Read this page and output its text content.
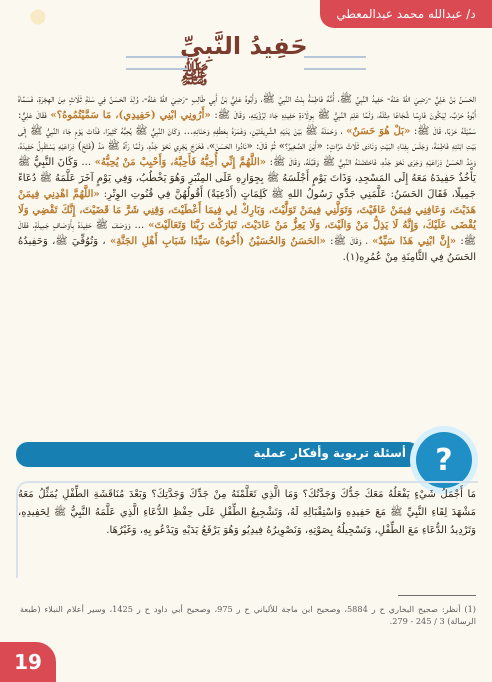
د/ عبدالله محمد عبدالمعطي
حَفِيدُ النَّبِيِّ ﷺ
الحَسَنُ بْنُ عَلِيٍّ -رَضِيَ اللهُ عَنْهُ- حَفِيدُ النَّبِيِّ ﷺ، أُمُّهُ فَاطِمَةُ بِنْتُ النَّبِيِّ ﷺ، وَأَبُوهُ عَلِيُّ بْنُ أَبِي طَالِبٍ -رَضِيَ اللهُ عَنْهُ-، وُلِدَ الحَسَنُ فِي سَنَةِ ثَلَاثٍ مِنَ الهِجْرَةِ، فَسَمَّاهُ أَبُوهُ حَرْبٌ، لِيَكُونَ فَارِسًا شُجَاعًا مِثْلَهُ، وَلَمَّا عَلِمَ النَّبِيُّ ﷺ بِوِلَادَةِ حَفِيدِهِ جَاءَ لِرُؤْيَتِهِ، وَقَالَ ﷺ: «أَرُونِي ابْنِي (حَفِيدِي)، مَا سَمَّيْتُمُوهُ؟» فَقَالَ عَلِيٌّ: سَمَّيْتُهُ حَرْبًا، قَالَ ﷺ: «بَلْ هُوَ حَسَنٌ» ، وَحَمَلَهُ ﷺ بَيْنَ يَدَيْهِ الشَّرِيفَتَيْنِ، وَغَمَرَهُ بِعَطْفِهِ وَحَنَانِهِ... وَكَانَ النَّبِيُّ ﷺ يُحِبُّهُ كَثِيرًا، فَذَاتَ يَوْمٍ جَاءَ النَّبِيُّ ﷺ إِلَى بَيْتِ ابْنَتِهِ فَاطِمَةَ، وَجَلَسَ بِفِنَاءِ البَيْتِ وَنَادَى ثَلَاثَ مَرَّاتٍ: «أَيْنَ الصَّغِيرُ؟» ثُمَّ قَالَ: «نَادُوا الحَسَنَ»، فَخَرَجَ يَجْرِي نَحْوَ جَدِّهِ، وَلَمَّا رَآهُ ﷺ مَدَّ (فَتَحَ) ذِرَاعَيْهِ يَسْتَقْبِلُ حَفِيدَهُ، وَمَدَّ الحَسَنُ ذِرَاعَيْهِ وَجَرَى نَحْوَ جَدِّهِ، فَاحْتَضَنَهُ النَّبِيُّ ﷺ وَقَبَّلَهُ، وَقَالَ ﷺ: «اللَّهُمَّ إِنِّي أُحِبُّهُ فَأَحِبَّهُ، وَأَحْبِبْ مَنْ يُحِبُّهُ» ... وَكَانَ النَّبِيُّ ﷺ يَأْخُذُ حَفِيدَهُ مَعَهُ إِلَى المَسْجِدِ، وَذَاتَ يَوْمٍ أَجْلَسَهُ ﷺ بِجِوَارِهِ عَلَى المِنْبَرِ وَهُوَ يَخْطُبُ، وَفِي يَوْمٍ آخَرَ عَلَّمَهُ ﷺ دُعَاءً جَمِيلًا، فَقَالَ الحَسَنُ: عَلَّمَنِي جَدِّي رَسُولُ اللهِ ﷺ كَلِمَاتٍ (أَدْعِيَةً) أَقُولُهُنَّ فِي قُنُوتِ الوِتْرِ: «اللَّهُمَّ اهْدِنِي فِيمَنْ هَدَيْتَ، وَعَافِنِي فِيمَنْ عَافَيْتَ، وَتَوَلَّنِي فِيمَنْ تَوَلَّيْتَ، وَبَارِكْ لِي فِيمَا أَعْطَيْتَ، وَقِنِي شَرَّ مَا قَضَيْتَ، إِنَّكَ تَقْضِي وَلَا يُقْضَى عَلَيْكَ، وَإِنَّهُ لَا يَذِلُّ مَنْ وَالَيْتَ، وَلَا يَعِزُّ مَنْ عَادَيْتَ، تَبَارَكْتَ رَبَّنَا وَتَعَالَيْتَ» ... وَوَصَفَ ﷺ حَفِيدَهُ بِأَوْصَافٍ جَمِيلَةٍ، فَقَالَ ﷺ: «إِنَّ ابْنِي هَذَا سَيِّدٌ» ، وَقَالَ ﷺ: «الحَسَنُ وَالحُسَيْنُ (أَخُوهُ) سَيِّدَا شَبَابِ أَهْلِ الجَنَّةِ» ، وَتُوُفِّيَ ﷺ، وَحَفِيدُهُ الحَسَنُ فِي الثَّامِنَةِ مِنْ عُمُرِهِ(١).
أسئلة تربوية وأفكار عملية ?
مَا أَجْمَلُ شَيْءٍ يَفْعَلُهُ مَعَكَ جَدُّكَ وَجَدَّتُكَ؟ وَمَا الَّذِي تَعَلَّمْتَهُ مِنْ جَدِّكَ وَجَدَّتِكَ؟ وَبَعْدَ مُنَاقَشَةِ الطِّفْلِ يُمَثِّلُ مَعَهُ مَشْهَدَ لِقَاءِ النَّبِيِّ ﷺ مَعَ حَفِيدِهِ وَاسْتِقْبَالِهِ لَهُ، وَتَشْجِيعُ الطِّفْلِ عَلَى حِفْظِ الدُّعَاءِ الَّذِي عَلَّمَهُ النَّبِيُّ ﷺ لِحَفِيدِهِ، وَتَرْدِيدُ الدُّعَاءِ مَعَ الطِّفْلِ، وَتَسْجِيلُهُ بِصَوْتِهِ، وَنَصْوِيرُهُ فِيدِيُو وَهُوَ يَرْفَعُ يَدَيْهِ وَيَدْعُو بِهِ، وَغَيْرُهَا.
(1) أنظر: صحيح البخاري ح ر 5884، وصحيح ابن ماجة للألباني ح ر 975، وصحيح أبي داود ح ر 1425، وسير أعلام النبلاء (طبعة الرسالة) 3 / 245 - 279.
19
